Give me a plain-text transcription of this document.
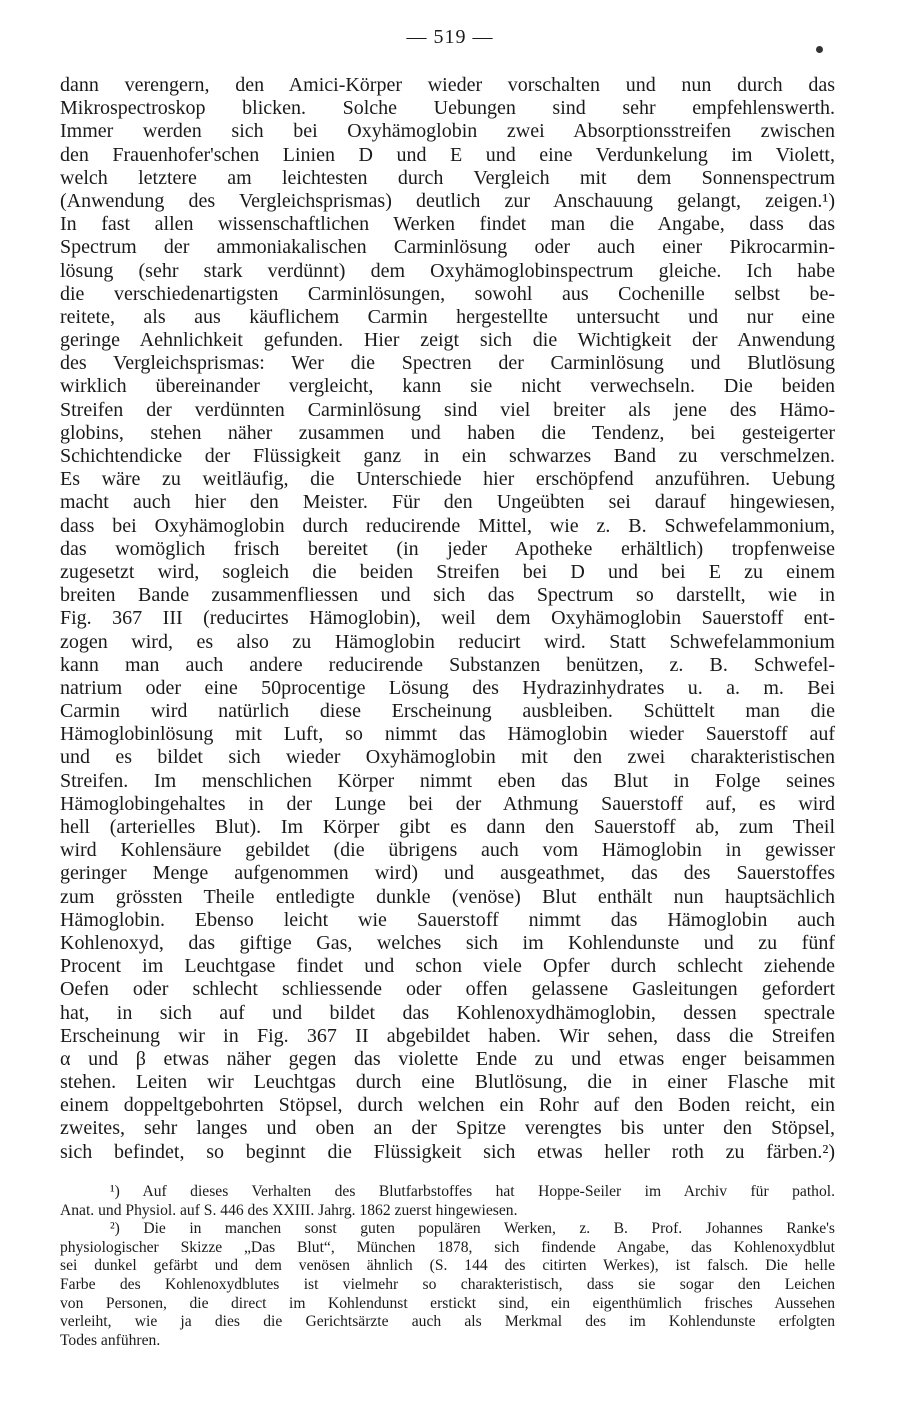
— 519 —
dann verengern, den Amici-Körper wieder vorschalten und nun durch das
Mikrospectroskop blicken. Solche Uebungen sind sehr empfehlenswerth.
Immer werden sich bei Oxyhämoglobin zwei Absorptionsstreifen zwischen
den Frauenhofer'schen Linien D und E und eine Verdunkelung im Violett,
welch letztere am leichtesten durch Vergleich mit dem Sonnenspectrum
(Anwendung des Vergleichsprismas) deutlich zur Anschauung gelangt, zeigen.¹)
In fast allen wissenschaftlichen Werken findet man die Angabe, dass das
Spectrum der ammoniakalischen Carminlösung oder auch einer Pikrocarmin-
lösung (sehr stark verdünnt) dem Oxyhämoglobinspectrum gleiche. Ich habe
die verschiedenartigsten Carminlösungen, sowohl aus Cochenille selbst be-
reitete, als aus käuflichem Carmin hergestellte untersucht und nur eine
geringe Aehnlichkeit gefunden. Hier zeigt sich die Wichtigkeit der Anwendung
des Vergleichsprismas: Wer die Spectren der Carminlösung und Blutlösung
wirklich übereinander vergleicht, kann sie nicht verwechseln. Die beiden
Streifen der verdünnten Carminlösung sind viel breiter als jene des Hämo-
globins, stehen näher zusammen und haben die Tendenz, bei gesteigerter
Schichtendicke der Flüssigkeit ganz in ein schwarzes Band zu verschmelzen.
Es wäre zu weitläufig, die Unterschiede hier erschöpfend anzuführen. Uebung
macht auch hier den Meister. Für den Ungeübten sei darauf hingewiesen,
dass bei Oxyhämoglobin durch reducirende Mittel, wie z. B. Schwefelammonium,
das womöglich frisch bereitet (in jeder Apotheke erhältlich) tropfenweise
zugesetzt wird, sogleich die beiden Streifen bei D und bei E zu einem
breiten Bande zusammenfliessen und sich das Spectrum so darstellt, wie in
Fig. 367 III (reducirtes Hämoglobin), weil dem Oxyhämoglobin Sauerstoff ent-
zogen wird, es also zu Hämoglobin reducirt wird. Statt Schwefelammonium
kann man auch andere reducirende Substanzen benützen, z. B. Schwefel-
natrium oder eine 50procentige Lösung des Hydrazinhydrates u. a. m. Bei
Carmin wird natürlich diese Erscheinung ausbleiben. Schüttelt man die
Hämoglobinlösung mit Luft, so nimmt das Hämoglobin wieder Sauerstoff auf
und es bildet sich wieder Oxyhämoglobin mit den zwei charakteristischen
Streifen. Im menschlichen Körper nimmt eben das Blut in Folge seines
Hämoglobingehaltes in der Lunge bei der Athmung Sauerstoff auf, es wird
hell (arterielles Blut). Im Körper gibt es dann den Sauerstoff ab, zum Theil
wird Kohlensäure gebildet (die übrigens auch vom Hämoglobin in gewisser
geringer Menge aufgenommen wird) und ausgeathmet, das des Sauerstoffes
zum grössten Theile entledigte dunkle (venöse) Blut enthält nun hauptsächlich
Hämoglobin. Ebenso leicht wie Sauerstoff nimmt das Hämoglobin auch
Kohlenoxyd, das giftige Gas, welches sich im Kohlendunste und zu fünf
Procent im Leuchtgase findet und schon viele Opfer durch schlecht ziehende
Oefen oder schlecht schliessende oder offen gelassene Gasleitungen gefordert
hat, in sich auf und bildet das Kohlenoxydhämoglobin, dessen spectrale
Erscheinung wir in Fig. 367 II abgebildet haben. Wir sehen, dass die Streifen
α und β etwas näher gegen das violette Ende zu und etwas enger beisammen
stehen. Leiten wir Leuchtgas durch eine Blutlösung, die in einer Flasche mit
einem doppeltgebohrten Stöpsel, durch welchen ein Rohr auf den Boden reicht, ein
zweites, sehr langes und oben an der Spitze verengtes bis unter den Stöpsel,
sich befindet, so beginnt die Flüssigkeit sich etwas heller roth zu färben.²)
¹) Auf dieses Verhalten des Blutfarbstoffes hat Hoppe-Seiler im Archiv für pathol.
Anat. und Physiol. auf S. 446 des XXIII. Jahrg. 1862 zuerst hingewiesen.
²) Die in manchen sonst guten populären Werken, z. B. Prof. Johannes Ranke's
physiologischer Skizze „Das Blut“, München 1878, sich findende Angabe, das Kohlenoxydblut
sei dunkel gefärbt und dem venösen ähnlich (S. 144 des citirten Werkes), ist falsch. Die helle
Farbe des Kohlenoxydblutes ist vielmehr so charakteristisch, dass sie sogar den Leichen
von Personen, die direct im Kohlendunst erstickt sind, ein eigenthümlich frisches Aussehen
verleiht, wie ja dies die Gerichtsärzte auch als Merkmal des im Kohlendunste erfolgten
Todes anführen.
